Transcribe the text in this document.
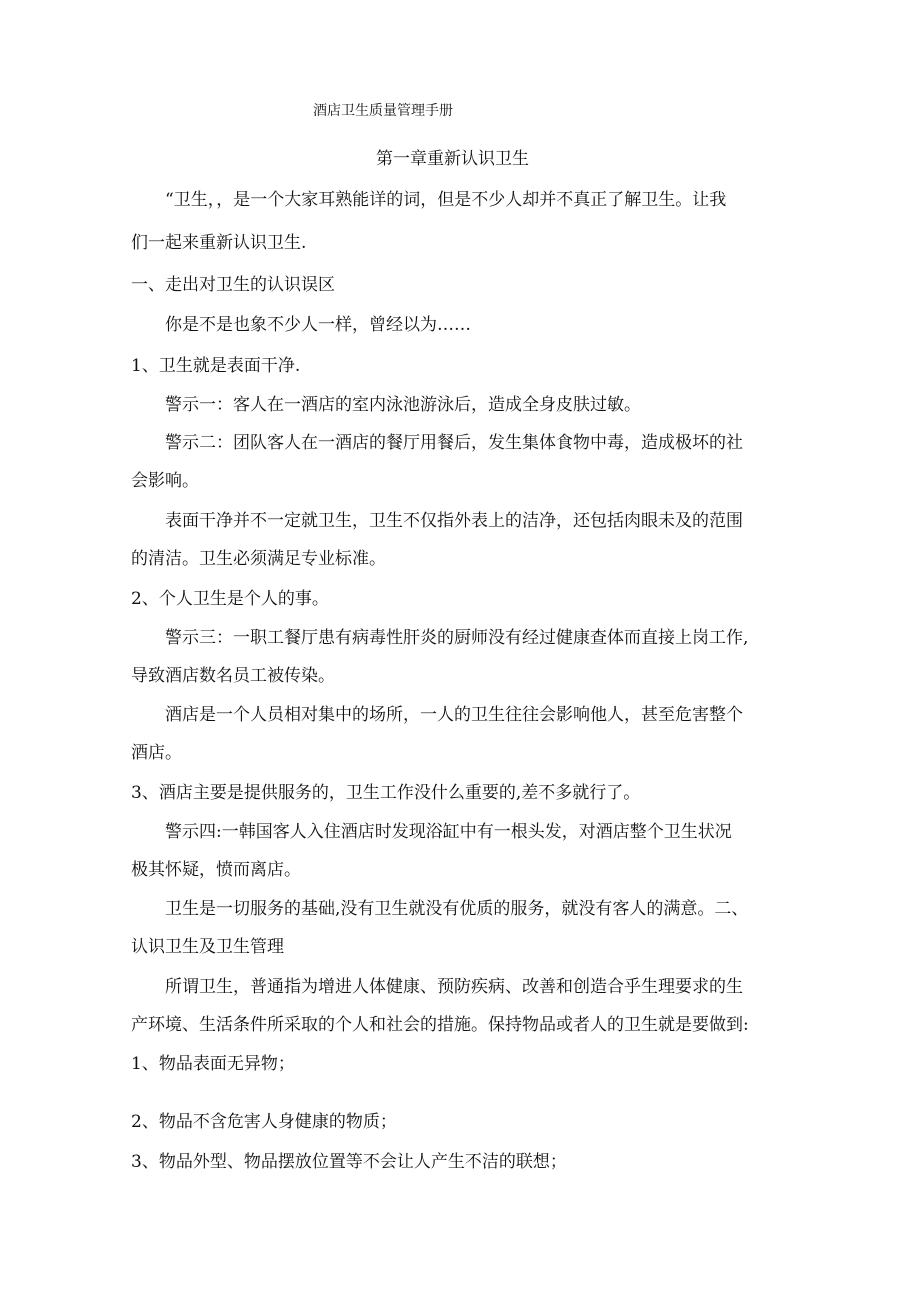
酒店卫生质量管理手册
第一章重新认识卫生
“卫生，，是一个大家耳熟能详的词，但是不少人却并不真正了解卫生。让我
们一起来重新认识卫生.
一、走出对卫生的认识误区
你是不是也象不少人一样，曾经以为……
1、卫生就是表面干净.
警示一：客人在一酒店的室内泳池游泳后，造成全身皮肤过敏。
警示二：团队客人在一酒店的餐厅用餐后，发生集体食物中毒，造成极坏的社
会影响。
表面干净并不一定就卫生，卫生不仅指外表上的洁净，还包括肉眼未及的范围
的清洁。卫生必须满足专业标准。
2、个人卫生是个人的事。
警示三：一职工餐厅患有病毒性肝炎的厨师没有经过健康查体而直接上岗工作,
导致酒店数名员工被传染。
酒店是一个人员相对集中的场所，一人的卫生往往会影响他人，甚至危害整个
酒店。
3、酒店主要是提供服务的，卫生工作没什么重要的,差不多就行了。
警示四:一韩国客人入住酒店时发现浴缸中有一根头发，对酒店整个卫生状况
极其怀疑，愤而离店。
卫生是一切服务的基础,没有卫生就没有优质的服务，就没有客人的满意。二、
认识卫生及卫生管理
所谓卫生，普通指为增进人体健康、预防疾病、改善和创造合乎生理要求的生
产环境、生活条件所采取的个人和社会的措施。保持物品或者人的卫生就是要做到:
1、物品表面无异物；
2、物品不含危害人身健康的物质；
3、物品外型、物品摆放位置等不会让人产生不洁的联想；
